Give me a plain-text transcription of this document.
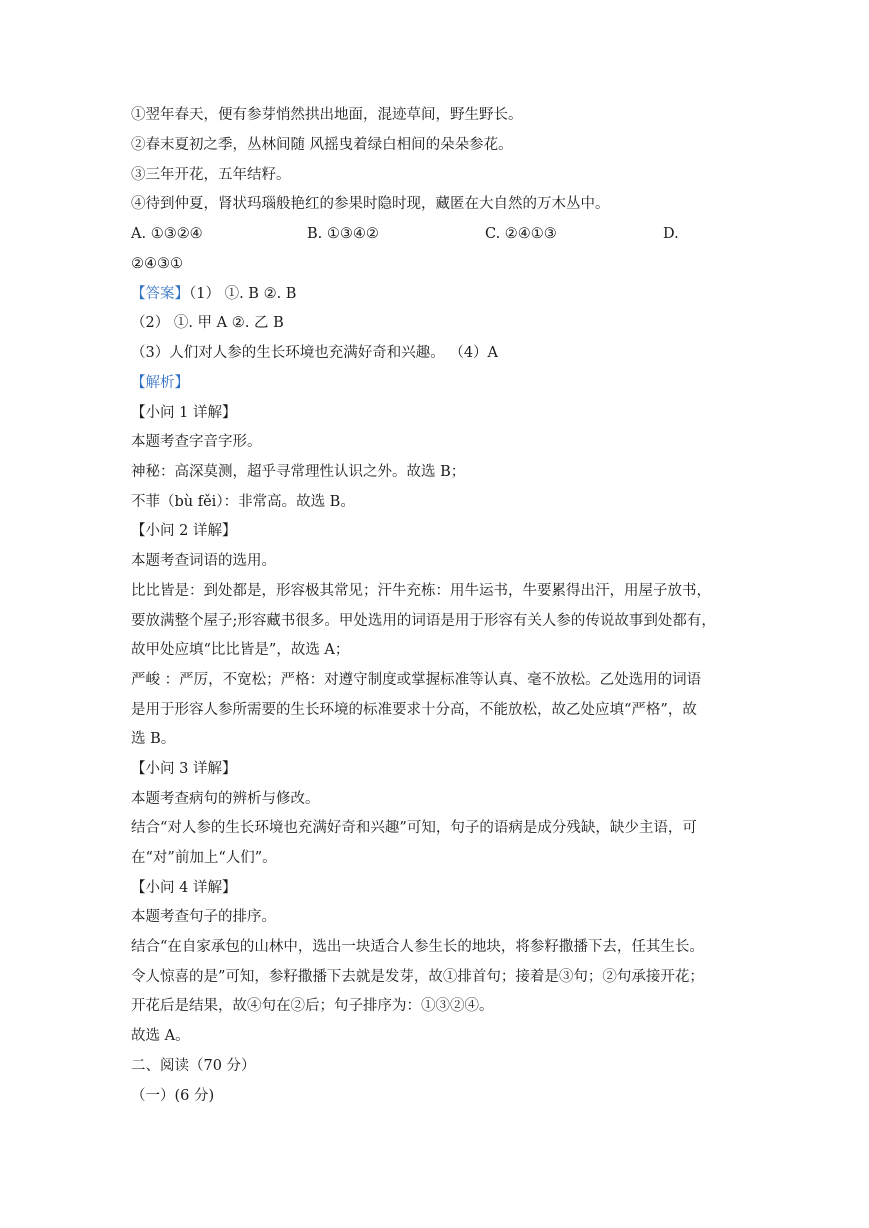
①翌年春天，便有参芽悄然拱出地面，混迹草间，野生野长。
②春末夏初之季，丛林间随 风摇曳着绿白相间的朵朵参花。
③三年开花，五年结籽。
④待到仲夏，肾状玛瑙般艳红的参果时隐时现，藏匿在大自然的万木丛中。
A. ①③②④	B. ①③④②	C. ②④①③	D.
②④③①
【答案】（1） ①. B ②. B
（2） ①. 甲 A ②. 乙 B
（3）人们对人参的生长环境也充满好奇和兴趣。 （4）A
【解析】
【小问 1 详解】
本题考查字音字形。
神秘：高深莫测，超乎寻常理性认识之外。故选 B；
不菲（bù fěi）：非常高。故选 B。
【小问 2 详解】
本题考查词语的选用。
比比皆是：到处都是，形容极其常见；汗牛充栋：用牛运书，牛要累得出汗，用屋子放书，
要放满整个屋子;形容藏书很多。甲处选用的词语是用于形容有关人参的传说故事到处都有，
故甲处应填“比比皆是”，故选 A；
严峻 ：严厉，不宽松；严格：对遵守制度或掌握标准等认真、毫不放松。乙处选用的词语
是用于形容人参所需要的生长环境的标准要求十分高，不能放松，故乙处应填“严格”，故
选 B。
【小问 3 详解】
本题考查病句的辨析与修改。
结合“对人参的生长环境也充满好奇和兴趣”可知，句子的语病是成分残缺，缺少主语，可
在“对”前加上“人们”。
【小问 4 详解】
本题考查句子的排序。
结合“在自家承包的山林中，选出一块适合人参生长的地块，将参籽撒播下去，任其生长。
令人惊喜的是”可知，参籽撒播下去就是发芽，故①排首句；接着是③句；②句承接开花；
开花后是结果，故④句在②后；句子排序为：①③②④。
故选 A。
二、阅读（70 分）
（一）(6 分)
